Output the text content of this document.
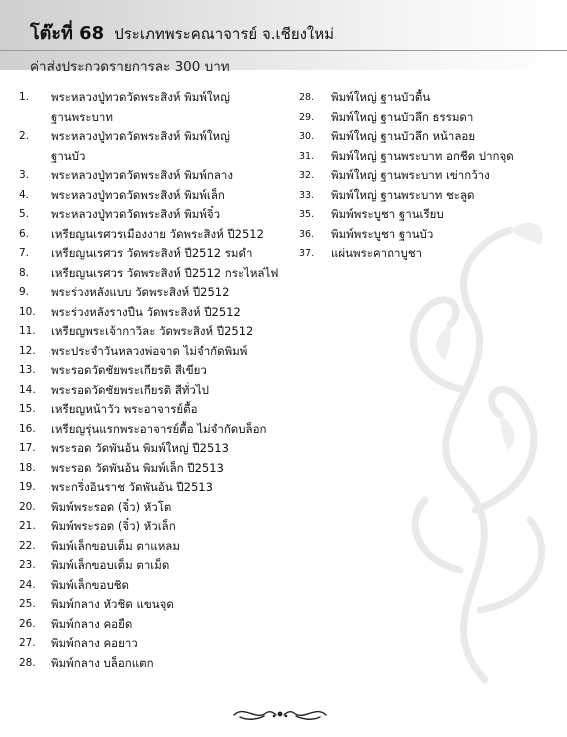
โต๊ะที่ 68 ประเภทพระคณาจารย์ จ.เชียงใหม่
ค่าส่งประกวดรายการละ 300 บาท
1.	พระหลวงปู่ทวดวัดพระสิงห์ พิมพ์ใหญ่
ฐานพระบาท
2.	พระหลวงปู่ทวดวัดพระสิงห์ พิมพ์ใหญ่
ฐานบัว
3.	พระหลวงปู่ทวดวัดพระสิงห์ พิมพ์กลาง
4.	พระหลวงปู่ทวดวัดพระสิงห์ พิมพ์เล็ก
5.	พระหลวงปู่ทวดวัดพระสิงห์ พิมพ์จิ๋ว
6.	เหรียญนเรศวรเมืองงาย วัดพระสิงห์ ปี2512
7.	เหรียญนเรศวร วัดพระสิงห์ ปี2512 รมดำ
8.	เหรียญนเรศวร วัดพระสิงห์ ปี2512 กระไหล่ไฟ
9.	พระร่วงหลังแบบ วัดพระสิงห์ ปี2512
10.	พระร่วงหลังรางปืน วัดพระสิงห์ ปี2512
11.	เหรียญพระเจ้ากาวิละ วัดพระสิงห์ ปี2512
12.	พระประจำวันหลวงพ่อจาด ไม่จำกัดพิมพ์
13.	พระรอดวัดชัยพระเกียรติ สีเขียว
14.	พระรอดวัดชัยพระเกียรติ สีทั่วไป
15.	เหรียญหน้าวัว พระอาจารย์ตื้อ
16.	เหรียญรุ่นแรกพระอาจารย์ตื้อ ไม่จำกัดบล็อก
17.	พระรอด วัดพันอ้น พิมพ์ใหญ่ ปี2513
18.	พระรอด วัดพันอ้น พิมพ์เล็ก ปี2513
19.	พระกริ่งอินราช วัดพันอ้น ปี2513
20.	พิมพ์พระรอด (จิ๋ว) หัวโต
21.	พิมพ์พระรอด (จิ๋ว) หัวเล็ก
22.	พิมพ์เล็กขอบเต็ม ตาแหลม
23.	พิมพ์เล็กขอบเต็ม ตาเม็ด
24.	พิมพ์เล็กขอบชิด
25.	พิมพ์กลาง หัวชิด แขนจุด
26.	พิมพ์กลาง คอยืด
27.	พิมพ์กลาง คอยาว
28.	พิมพ์กลาง บล็อกแตก
28.	พิมพ์ใหญ่ ฐานบัวตื้น
29.	พิมพ์ใหญ่ ฐานบัวลึก ธรรมดา
30.	พิมพ์ใหญ่ ฐานบัวลึก หน้าลอย
31.	พิมพ์ใหญ่ ฐานพระบาท อกชีด ปากจุด
32.	พิมพ์ใหญ่ ฐานพระบาท เข่ากว้าง
33.	พิมพ์ใหญ่ ฐานพระบาท ชะลูด
35.	พิมพ์พระบูชา ฐานเรียบ
36.	พิมพ์พระบูชา ฐานบัว
37.	แผ่นพระคาถาบูชา
